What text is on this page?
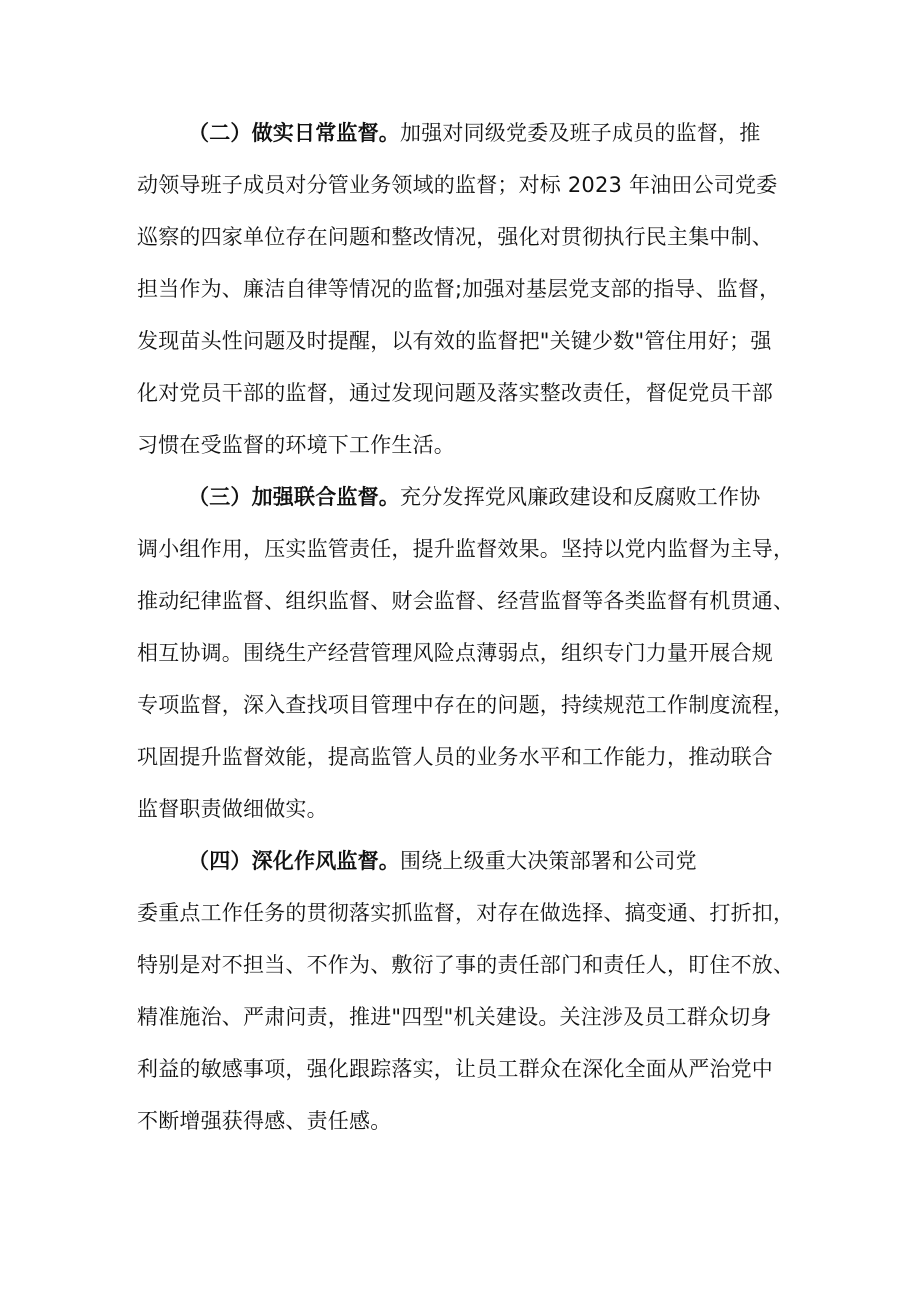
（二）做实日常监督。加强对同级党委及班子成员的监督，推
动领导班子成员对分管业务领域的监督；对标 2023 年油田公司党委
巡察的四家单位存在问题和整改情况，强化对贯彻执行民主集中制、
担当作为、廉洁自律等情况的监督;加强对基层党支部的指导、监督，
发现苗头性问题及时提醒，以有效的监督把"关键少数"管住用好；强
化对党员干部的监督，通过发现问题及落实整改责任，督促党员干部
习惯在受监督的环境下工作生活。
（三）加强联合监督。充分发挥党风廉政建设和反腐败工作协
调小组作用，压实监管责任，提升监督效果。坚持以党内监督为主导，
推动纪律监督、组织监督、财会监督、经营监督等各类监督有机贯通、
相互协调。围绕生产经营管理风险点薄弱点，组织专门力量开展合规
专项监督，深入查找项目管理中存在的问题，持续规范工作制度流程，
巩固提升监督效能，提高监管人员的业务水平和工作能力，推动联合
监督职责做细做实。
（四）深化作风监督。围绕上级重大决策部署和公司党
委重点工作任务的贯彻落实抓监督，对存在做选择、搞变通、打折扣，
特别是对不担当、不作为、敷衍了事的责任部门和责任人，盯住不放、
精准施治、严肃问责，推进"四型"机关建设。关注涉及员工群众切身
利益的敏感事项，强化跟踪落实，让员工群众在深化全面从严治党中
不断增强获得感、责任感。
